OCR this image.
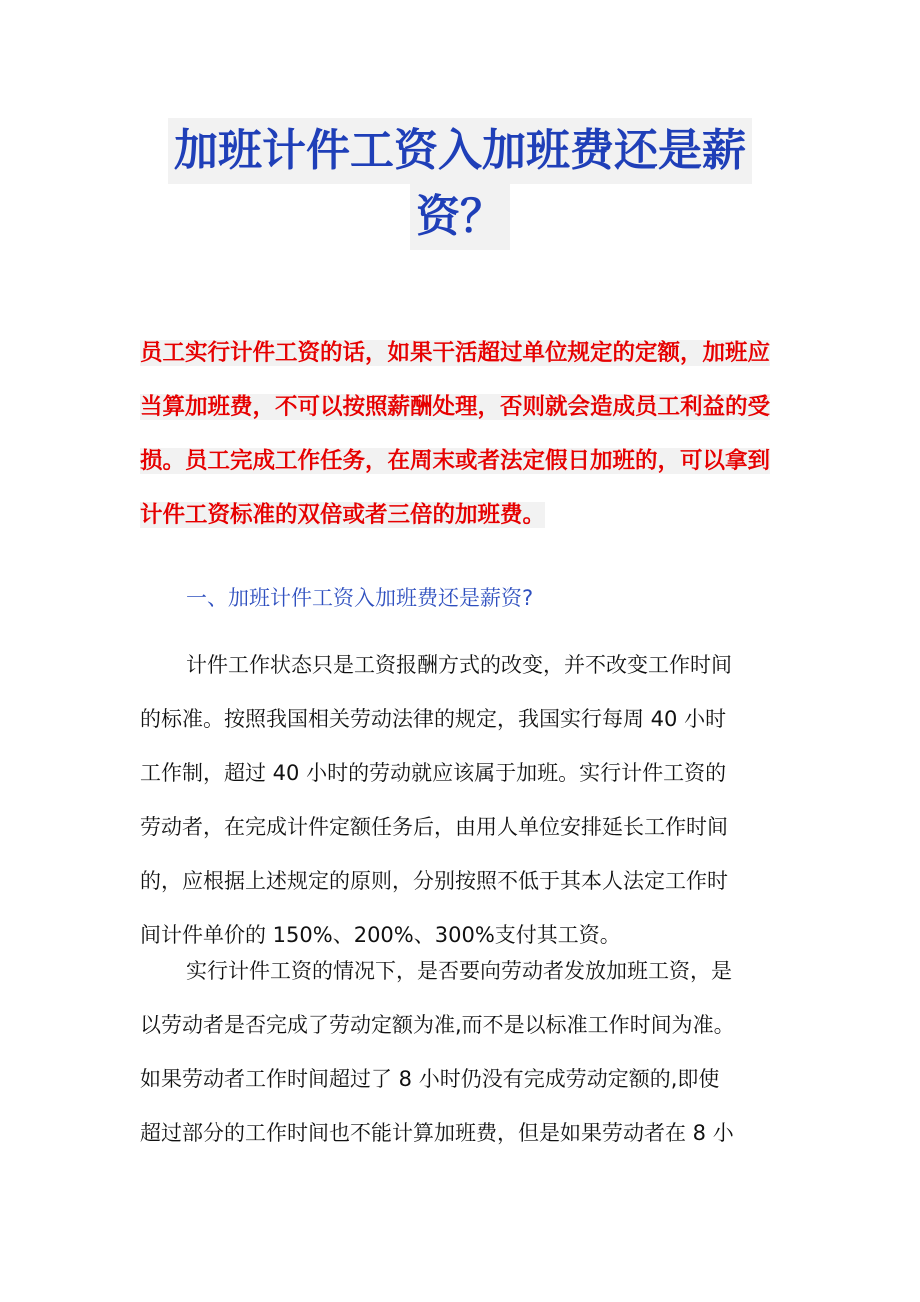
加班计件工资入加班费还是薪
资？
员工实行计件工资的话，如果干活超过单位规定的定额，加班应
当算加班费，不可以按照薪酬处理，否则就会造成员工利益的受
损。员工完成工作任务，在周末或者法定假日加班的，可以拿到
计件工资标准的双倍或者三倍的加班费。
一、加班计件工资入加班费还是薪资?
计件工作状态只是工资报酬方式的改变，并不改变工作时间
的标准。按照我国相关劳动法律的规定，我国实行每周 40 小时
工作制，超过 40 小时的劳动就应该属于加班。实行计件工资的
劳动者，在完成计件定额任务后，由用人单位安排延长工作时间
的，应根据上述规定的原则，分别按照不低于其本人法定工作时
间计件单价的 150%、200%、300%支付其工资。
实行计件工资的情况下，是否要向劳动者发放加班工资，是
以劳动者是否完成了劳动定额为准,而不是以标准工作时间为准。
如果劳动者工作时间超过了 8 小时仍没有完成劳动定额的,即使
超过部分的工作时间也不能计算加班费，但是如果劳动者在 8 小
